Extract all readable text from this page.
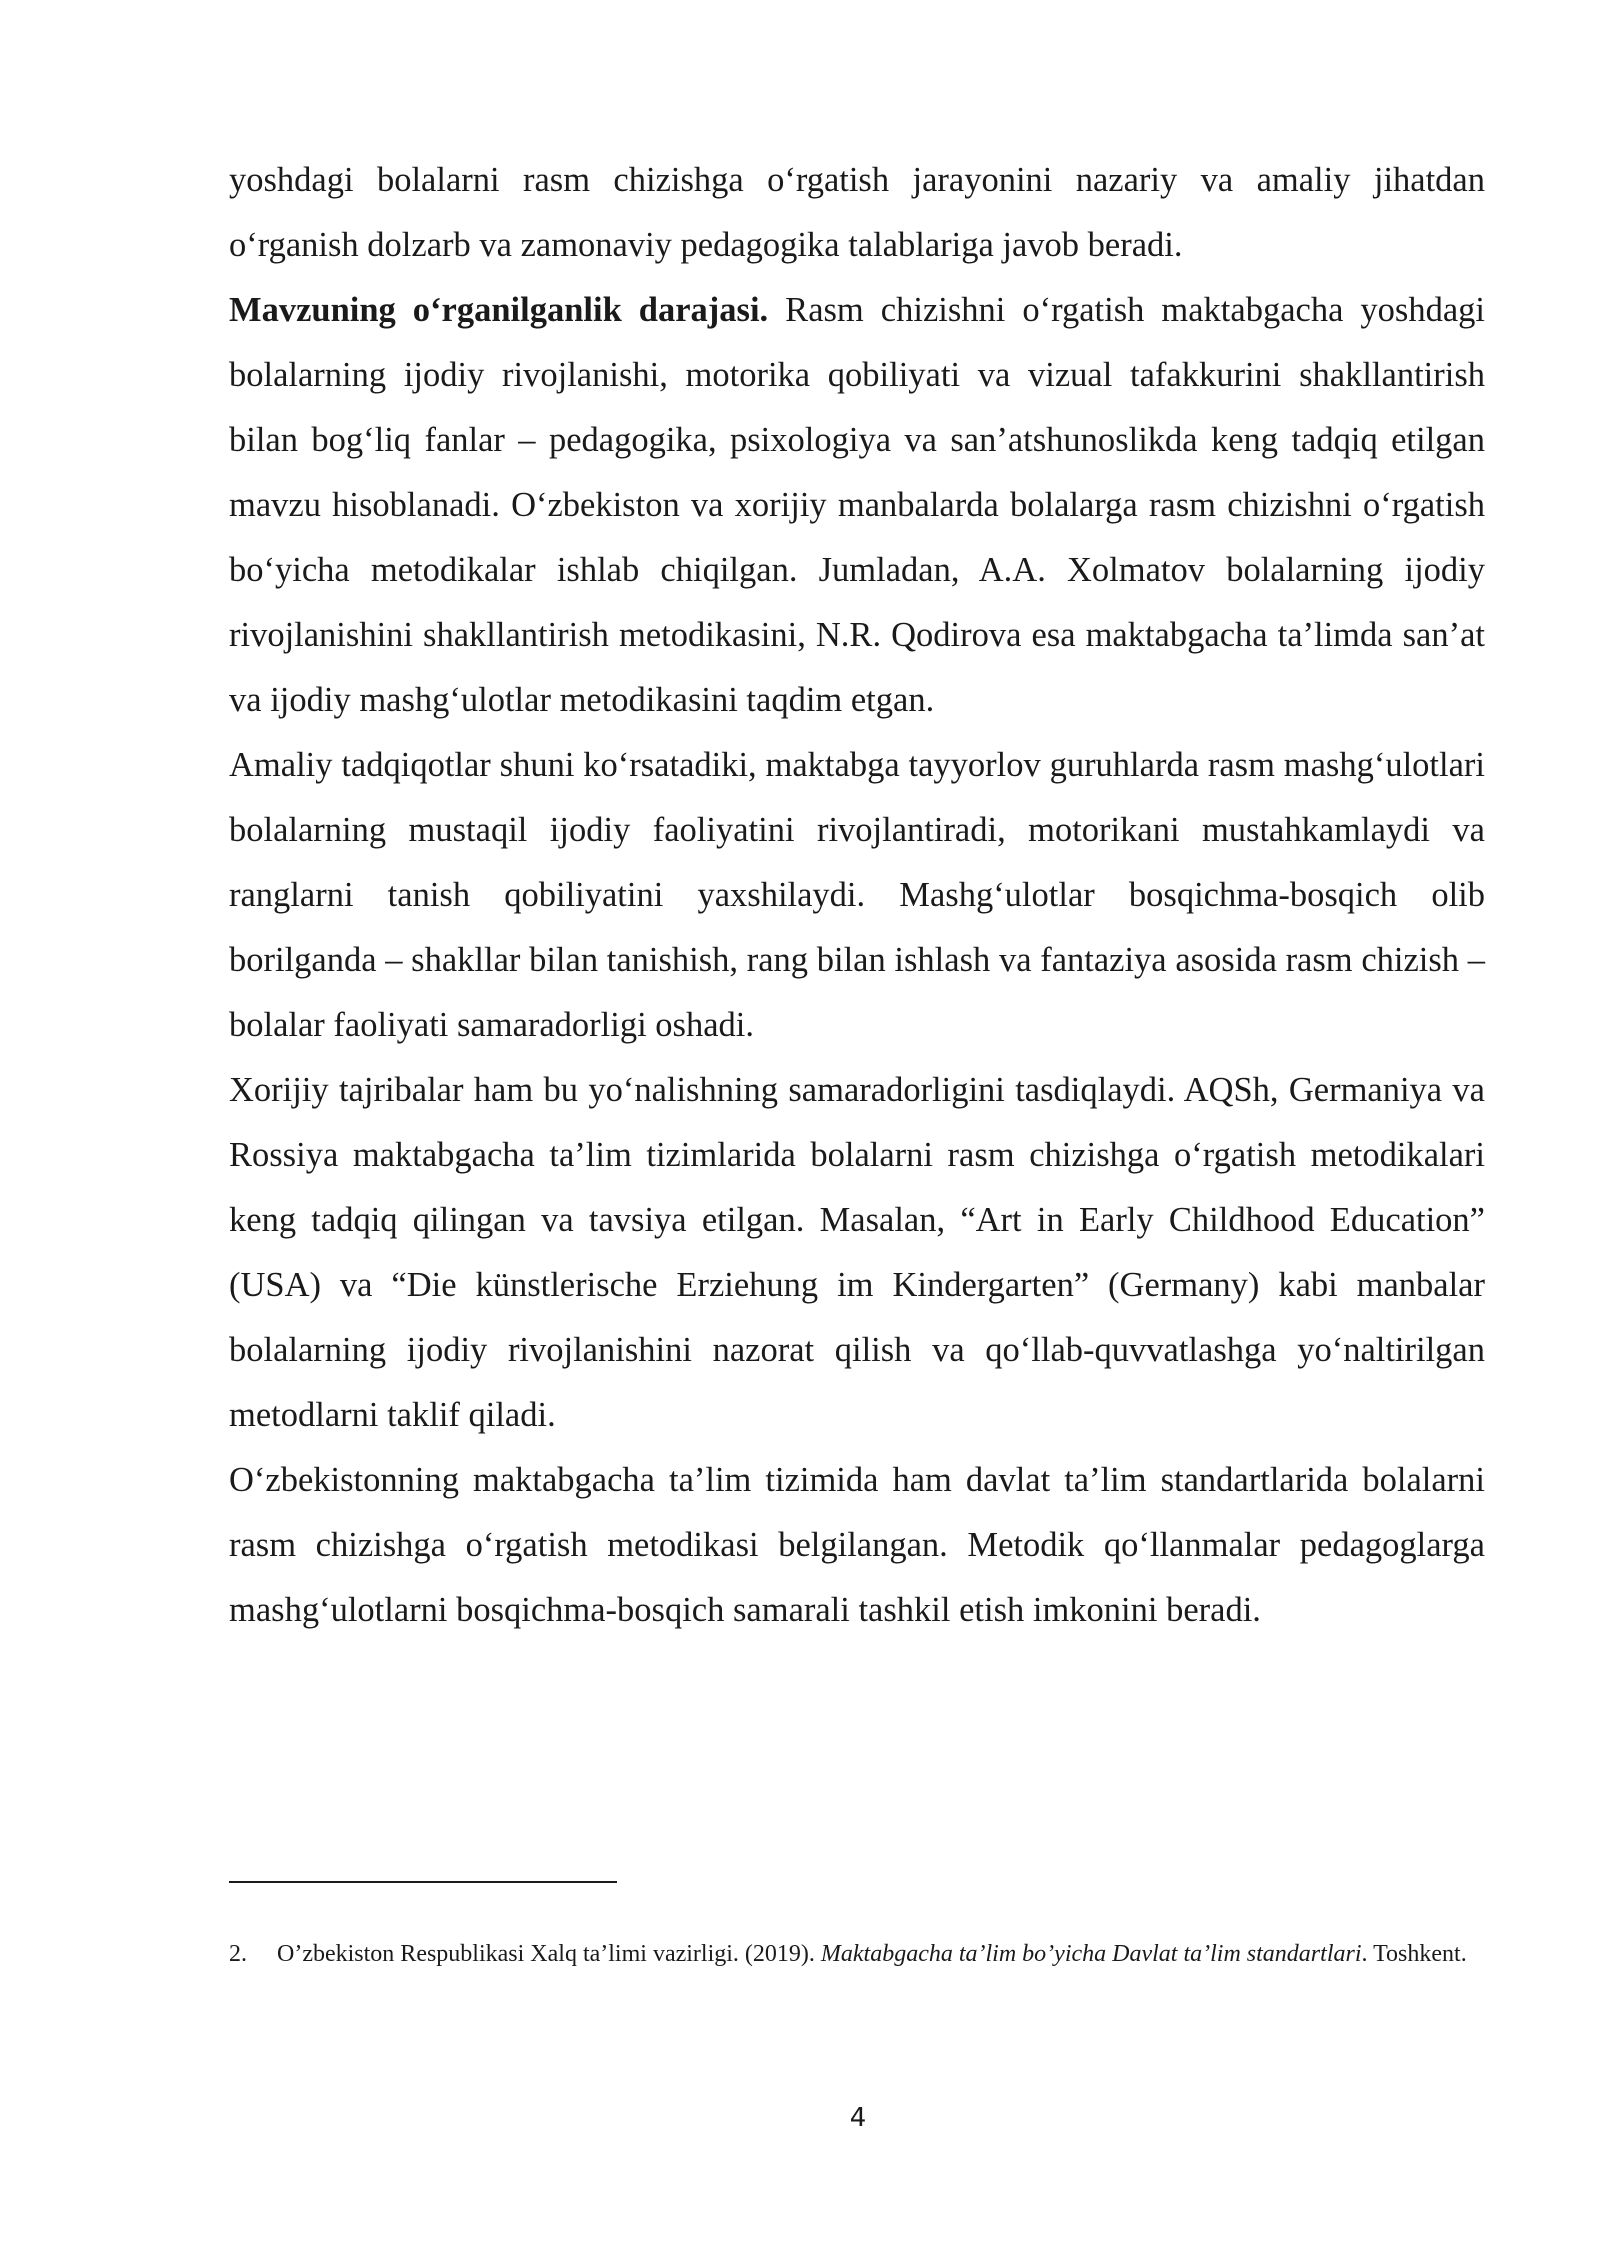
yoshdagi bolalarni rasm chizishga o‘rgatish jarayonini nazariy va amaliy jihatdan o‘rganish dolzarb va zamonaviy pedagogika talablariga javob beradi.

Mavzuning o‘rganilganlik darajasi. Rasm chizishni o‘rgatish maktabgacha yoshdagi bolalarning ijodiy rivojlanishi, motorika qobiliyati va vizual tafakkurini shakllantirish bilan bog‘liq fanlar – pedagogika, psixologiya va san’atshunoslikda keng tadqiq etilgan mavzu hisoblanadi. O‘zbekiston va xorijiy manbalarda bolalarga rasm chizishni o‘rgatish bo‘yicha metodikalar ishlab chiqilgan. Jumladan, A.A. Xolmatov bolalarning ijodiy rivojlanishini shakllantirish metodikasini, N.R. Qodirova esa maktabgacha ta’limda san’at va ijodiy mashg‘ulotlar metodikasini taqdim etgan.

Amaliy tadqiqotlar shuni ko‘rsatadiki, maktabga tayyorlov guruhlarda rasm mashg‘ulotlari bolalarning mustaqil ijodiy faoliyatini rivojlantiradi, motorikani mustahkamlaydi va ranglarni tanish qobiliyatini yaxshilaydi. Mashg‘ulotlar bosqichma-bosqich olib borilganda – shakllar bilan tanishish, rang bilan ishlash va fantaziya asosida rasm chizish – bolalar faoliyati samaradorligi oshadi.

Xorijiy tajribalar ham bu yo‘nalishning samaradorligini tasdiqlaydi. AQSh, Germaniya va Rossiya maktabgacha ta’lim tizimlarida bolalarni rasm chizishga o‘rgatish metodikalari keng tadqiq qilingan va tavsiya etilgan. Masalan, “Art in Early Childhood Education” (USA) va “Die künstlerische Erziehung im Kindergarten” (Germany) kabi manbalar bolalarning ijodiy rivojlanishini nazorat qilish va qo‘llab-quvvatlashga yo‘naltirilgan metodlarni taklif qiladi.

O‘zbekistonning maktabgacha ta’lim tizimida ham davlat ta’lim standartlarida bolalarni rasm chizishga o‘rgatish metodikasi belgilangan. Metodik qo‘llanmalar pedagoglarga mashg‘ulotlarni bosqichma-bosqich samarali tashkil etish imkonini beradi.

2.	O’zbekiston Respublikasi Xalq ta’limi vazirligi. (2019). Maktabgacha ta’lim bo’yicha Davlat ta’lim standartlari. Toshkent.
4
